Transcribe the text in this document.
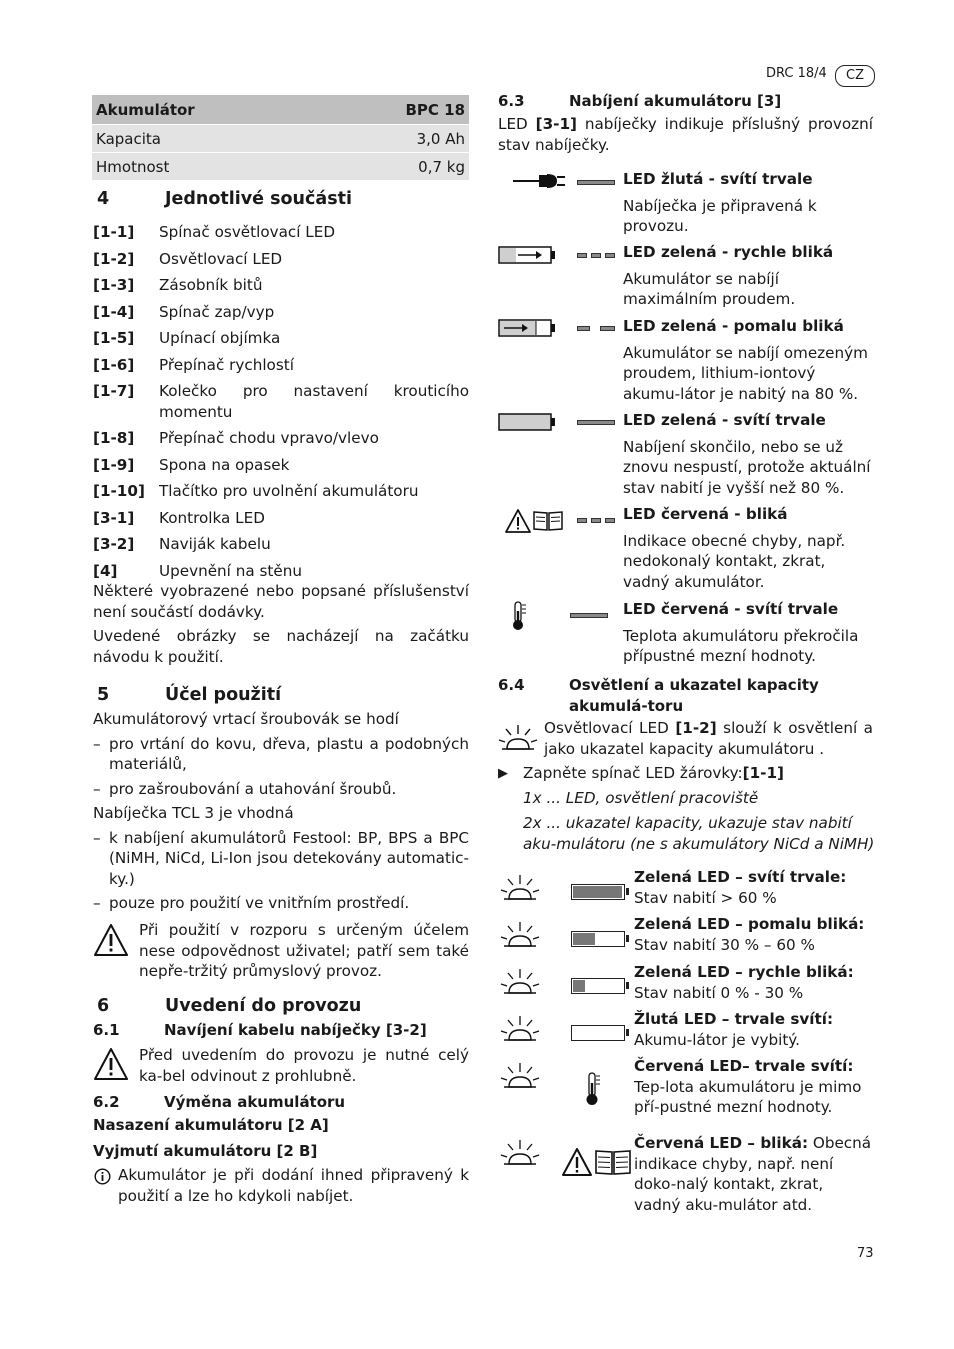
DRC 18/4	CZ
Akumulátor	BPC 18
Kapacita	3,0 Ah
Hmotnost	0,7 kg
4	Jednotlivé součásti
[1-1]	Spínač osvětlovací LED
[1-2]	Osvětlovací LED
[1-3]	Zásobník bitů
[1-4]	Spínač zap/vyp
[1-5]	Upínací objímka
[1-6]	Přepínač rychlostí
[1-7]	Kolečko pro nastavení krouticího momentu
[1-8]	Přepínač chodu vpravo/vlevo
[1-9]	Spona na opasek
[1-10] Tlačítko pro uvolnění akumulátoru
[3-1]	Kontrolka LED
[3-2]	Naviják kabelu
[4]	Upevnění na stěnu
Některé vyobrazené nebo popsané příslušenství není součástí dodávky.
Uvedené obrázky se nacházejí na začátku návodu k použití.
5	Účel použití
Akumulátorový vrtací šroubovák se hodí
– pro vrtání do kovu, dřeva, plastu a podobných materiálů,
– pro zašroubování a utahování šroubů.
Nabíječka TCL 3 je vhodná
– k nabíjení akumulátorů Festool: BP, BPS a BPC (NiMH, NiCd, Li-Ion jsou detekovány automatic-ky.)
– pouze pro použití ve vnitřním prostředí.
Při použití v rozporu s určeným účelem nese odpovědnost uživatel; patří sem také nepře-tržitý průmyslový provoz.
6	Uvedení do provozu
6.1	Navíjení kabelu nabíječky [3-2]
Před uvedením do provozu je nutné celý ka-bel odvinout z prohlubně.
6.2	Výměna akumulátoru
Nasazení akumulátoru [2 A]
Vyjmutí akumulátoru [2 B]
Akumulátor je při dodání ihned připravený k použití a lze ho kdykoli nabíjet.
6.3	Nabíjení akumulátoru [3]
LED [3-1] nabíječky indikuje příslušný provozní stav nabíječky.
LED žlutá - svítí trvale
Nabíječka je připravená k provozu.
LED zelená - rychle bliká
Akumulátor se nabíjí maximálním proudem.
LED zelená - pomalu bliká
Akumulátor se nabíjí omezeným proudem, lithium-iontový akumu-látor je nabitý na 80 %.
LED zelená - svítí trvale
Nabíjení skončilo, nebo se už znovu nespustí, protože aktuální stav nabití je vyšší než 80 %.
LED červená - bliká
Indikace obecné chyby, např. nedokonalý kontakt, zkrat, vadný akumulátor.
LED červená - svítí trvale
Teplota akumulátoru překročila přípustné mezní hodnoty.
6.4	Osvětlení a ukazatel kapacity akumulá-toru
Osvětlovací LED [1-2] slouží k osvětlení a jako ukazatel kapacity akumulátoru .
▶ Zapněte spínač LED žárovky:[1-1]
1x ... LED, osvětlení pracoviště
2x ... ukazatel kapacity, ukazuje stav nabití aku-mulátoru (ne s akumulátory NiCd a NiMH)
Zelená LED – svítí trvale: Stav nabití > 60 %
Zelená LED – pomalu bliká: Stav nabití 30 % – 60 %
Zelená LED – rychle bliká: Stav nabití 0 % - 30 %
Žlutá LED – trvale svítí: Akumu-látor je vybitý.
Červená LED– trvale svítí: Tep-lota akumulátoru je mimo pří-pustné mezní hodnoty.
Červená LED – bliká: Obecná indikace chyby, např. není doko-nalý kontakt, zkrat, vadný aku-mulátor atd.
73
